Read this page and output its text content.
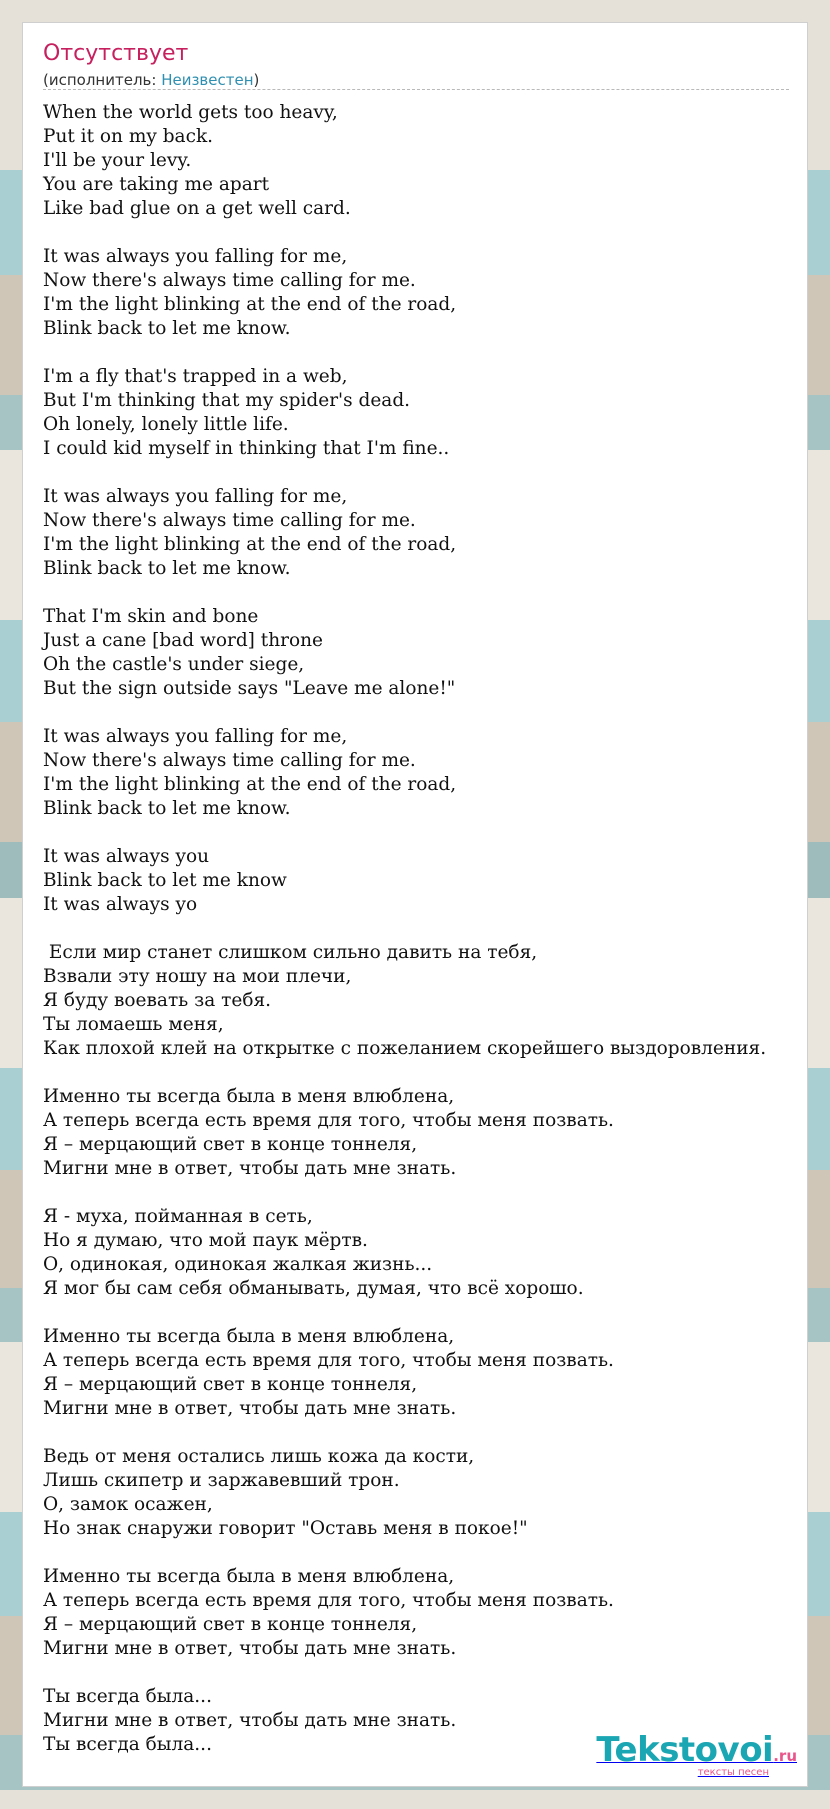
Отсутствует
(исполнитель: Неизвестен)
When the world gets too heavy,
Put it on my back.
I'll be your levy.
You are taking me apart
Like bad glue on a get well card.

It was always you falling for me,
Now there's always time calling for me.
I'm the light blinking at the end of the road,
Blink back to let me know.

I'm a fly that's trapped in a web,
But I'm thinking that my spider's dead.
Oh lonely, lonely little life.
I could kid myself in thinking that I'm fine..

It was always you falling for me,
Now there's always time calling for me.
I'm the light blinking at the end of the road,
Blink back to let me know.

That I'm skin and bone
Just a cane [bad word] throne
Oh the castle's under siege,
But the sign outside says "Leave me alone!"

It was always you falling for me,
Now there's always time calling for me.
I'm the light blinking at the end of the road,
Blink back to let me know.

It was always you
Blink back to let me know
It was always yo

Если мир станет слишком сильно давить на тебя,
Взвали эту ношу на мои плечи,
Я буду воевать за тебя.
Ты ломаешь меня,
Как плохой клей на открытке с пожеланием скорейшего выздоровления.

Именно ты всегда была в меня влюблена,
А теперь всегда есть время для того, чтобы меня позвать.
Я – мерцающий свет в конце тоннеля,
Мигни мне в ответ, чтобы дать мне знать.

Я - муха, пойманная в сеть,
Но я думаю, что мой паук мёртв.
О, одинокая, одинокая жалкая жизнь...
Я мог бы сам себя обманывать, думая, что всё хорошо.

Именно ты всегда была в меня влюблена,
А теперь всегда есть время для того, чтобы меня позвать.
Я – мерцающий свет в конце тоннеля,
Мигни мне в ответ, чтобы дать мне знать.

Ведь от меня остались лишь кожа да кости,
Лишь скипетр и заржавевший трон.
О, замок осажен,
Но знак снаружи говорит "Оставь меня в покое!"

Именно ты всегда была в меня влюблена,
А теперь всегда есть время для того, чтобы меня позвать.
Я – мерцающий свет в конце тоннеля,
Мигни мне в ответ, чтобы дать мне знать.

Ты всегда была...
Мигни мне в ответ, чтобы дать мне знать.
Ты всегда была...	Tekstovoi.ru
тексты песен
